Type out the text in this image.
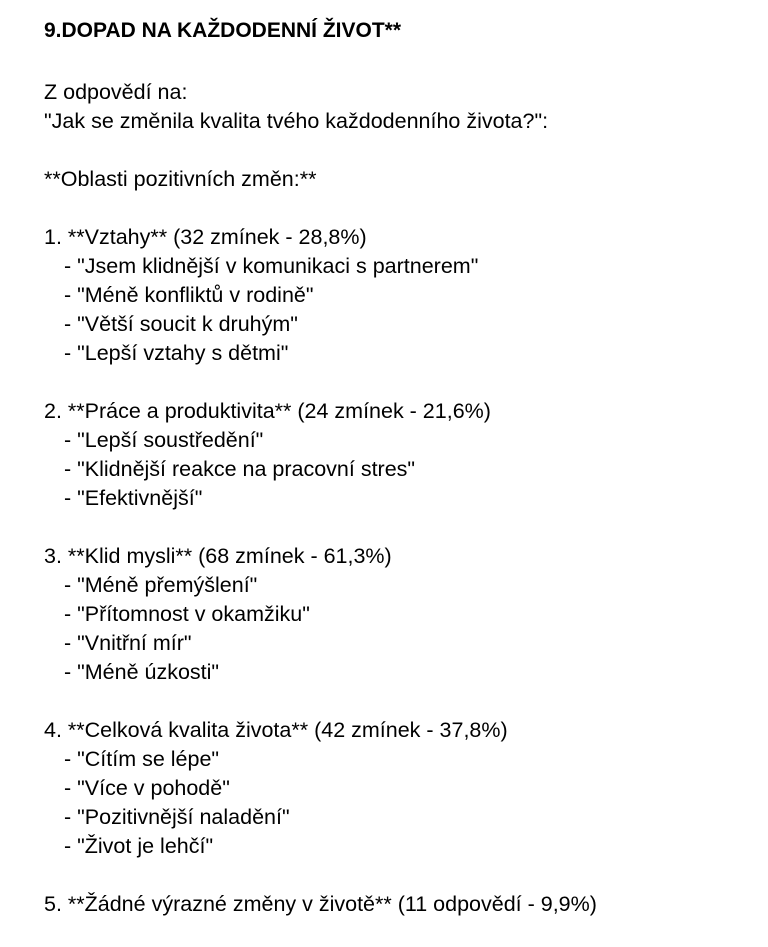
9.DOPAD NA KAŽDODENNÍ ŽIVOT**
Z odpovědí na:
"Jak se změnila kvalita tvého každodenního života?":
**Oblasti pozitivních změn:**
1. **Vztahy** (32 zmínek - 28,8%)
- "Jsem klidnější v komunikaci s partnerem"
- "Méně konfliktů v rodině"
- "Větší soucit k druhým"
- "Lepší vztahy s dětmi"
2. **Práce a produktivita** (24 zmínek - 21,6%)
- "Lepší soustředění"
- "Klidnější reakce na pracovní stres"
- "Efektivnější"
3. **Klid mysli** (68 zmínek - 61,3%)
- "Méně přemýšlení"
- "Přítomnost v okamžiku"
- "Vnitřní mír"
- "Méně úzkosti"
4. **Celková kvalita života** (42 zmínek - 37,8%)
- "Cítím se lépe"
- "Více v pohodě"
- "Pozitivnější naladění"
- "Život je lehčí"
5. **Žádné výrazné změny v životě** (11 odpovědí - 9,9%)
